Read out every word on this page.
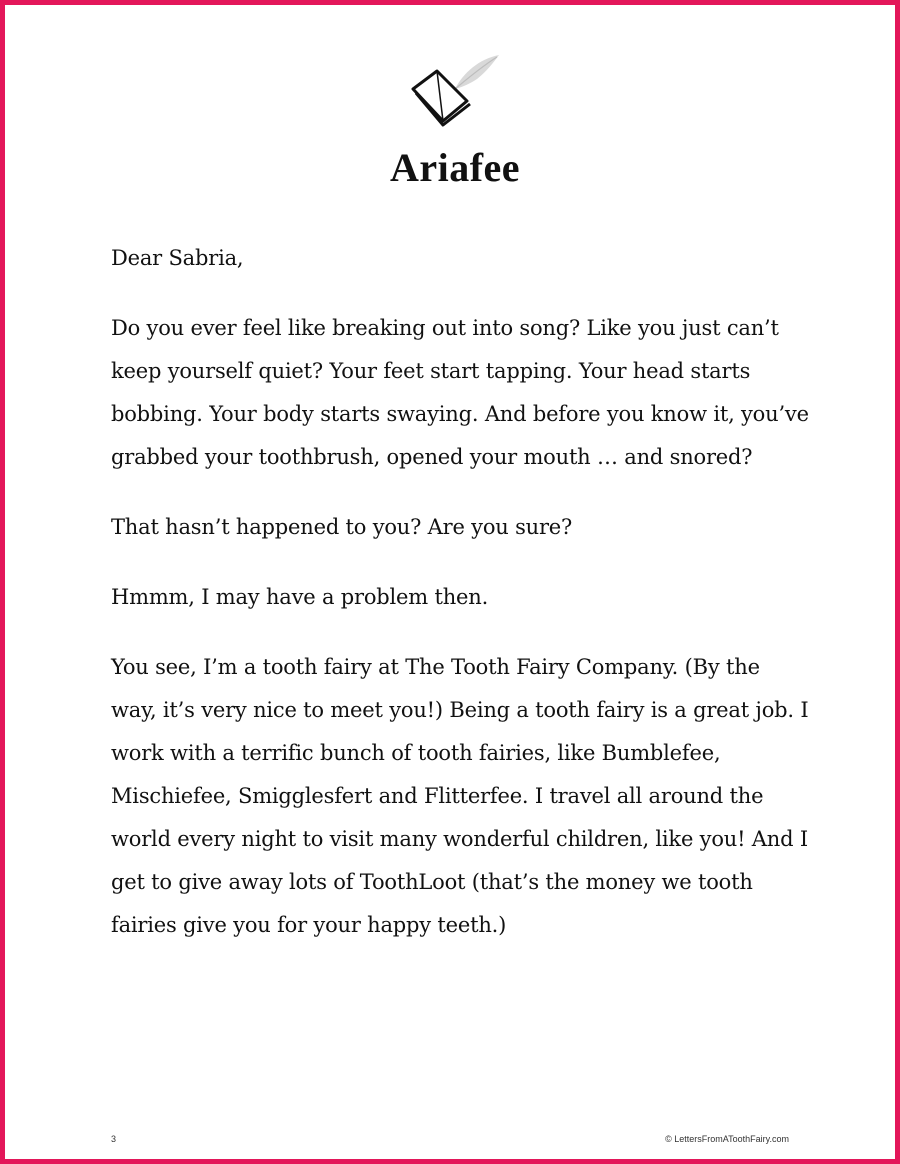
Ariafee

Dear Sabria,

Do you ever feel like breaking out into song? Like you just can’t keep yourself quiet? Your feet start tapping. Your head starts bobbing. Your body starts swaying. And before you know it, you’ve grabbed your toothbrush, opened your mouth … and snored?

That hasn’t happened to you? Are you sure?

Hmmm, I may have a problem then.

You see, I’m a tooth fairy at The Tooth Fairy Company. (By the way, it’s very nice to meet you!) Being a tooth fairy is a great job. I work with a terrific bunch of tooth fairies, like Bumblefee, Mischiefee, Smigglesfert and Flitterfee. I travel all around the world every night to visit many wonderful children, like you! And I get to give away lots of ToothLoot (that’s the money we tooth fairies give you for your happy teeth.)

3	© LettersFromAToothFairy.com
